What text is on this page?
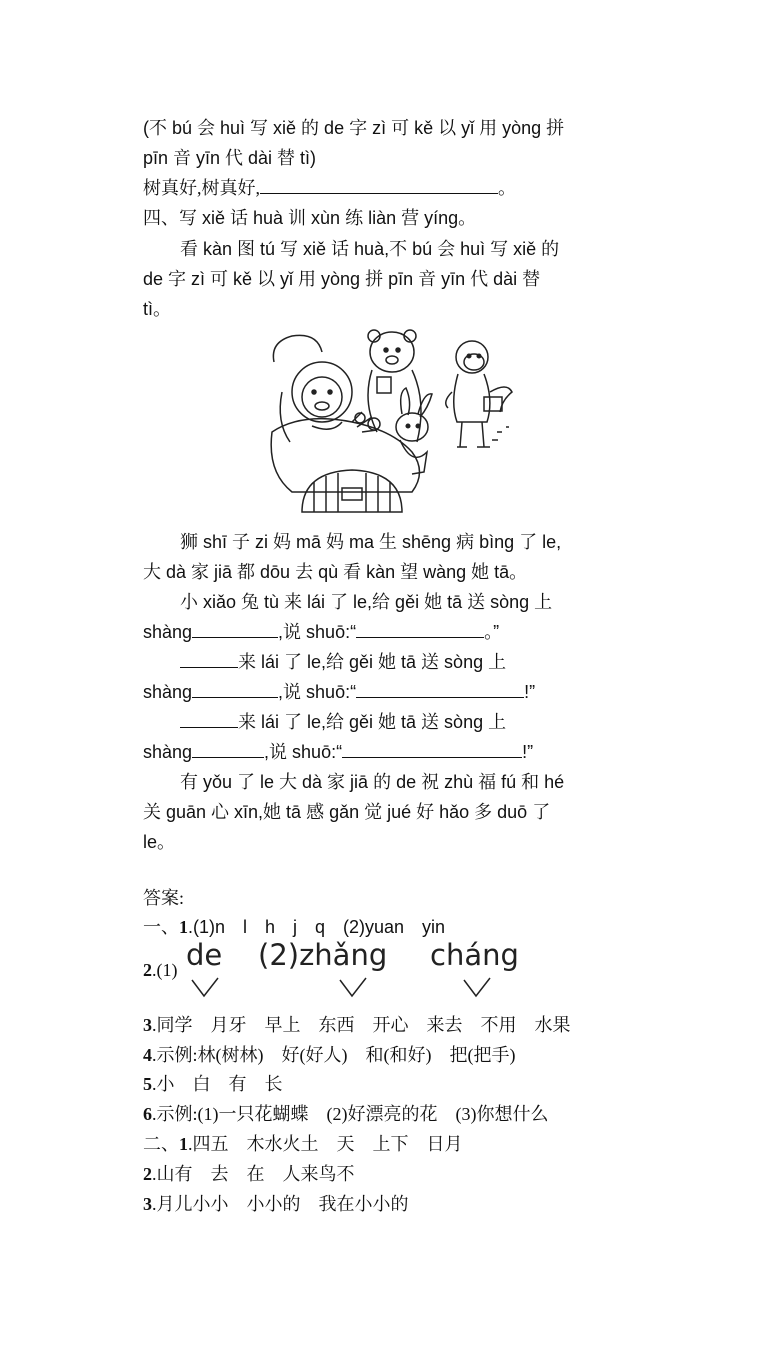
(不 bú 会 huì 写 xiě 的 de 字 zì 可 kě 以 yǐ 用 yòng 拼
pīn 音 yīn 代 dài 替 tì)
树真好,树真好,	。
四、写 xiě 话 huà 训 xùn 练 liàn 营 yíng。
看 kàn 图 tú 写 xiě 话 huà,不 bú 会 huì 写 xiě 的
de 字 zì 可 kě 以 yǐ 用 yòng 拼 pīn 音 yīn 代 dài 替
tì。
狮 shī 子 zi 妈 mā 妈 ma 生 shēng 病 bìng 了 le,
大 dà 家 jiā 都 dōu 去 qù 看 kàn 望 wàng 她 tā。
小 xiǎo 兔 tù 来 lái 了 le,给 gěi 她 tā 送 sòng 上
shàng	,说 shuō:“	。”
来 lái 了 le,给 gěi 她 tā 送 sòng 上
shàng	,说 shuō:“	!”
来 lái 了 le,给 gěi 她 tā 送 sòng 上
shàng	,说 shuō:“	!”
有 yǒu 了 le 大 dà 家 jiā 的 de 祝 zhù 福 fú 和 hé
关 guān 心 xīn,她 tā 感 gǎn 觉 jué 好 hǎo 多 duō 了
le。
答案:
一、1.(1)n　l　h　j　q　(2)yuan　yin
2.(1) de (2)zhǎng cháng
3.同学　月牙　早上　东西　开心　来去　不用　水果
4.示例:林(树林)　好(好人)　和(和好)　把(把手)
5.小　白　有　长
6.示例:(1)一只花蝴蝶　(2)好漂亮的花　(3)你想什么
二、1.四五　木水火土　天　上下　日月
2.山有　去　在　人来鸟不
3.月儿小小　小小的　我在小小的
